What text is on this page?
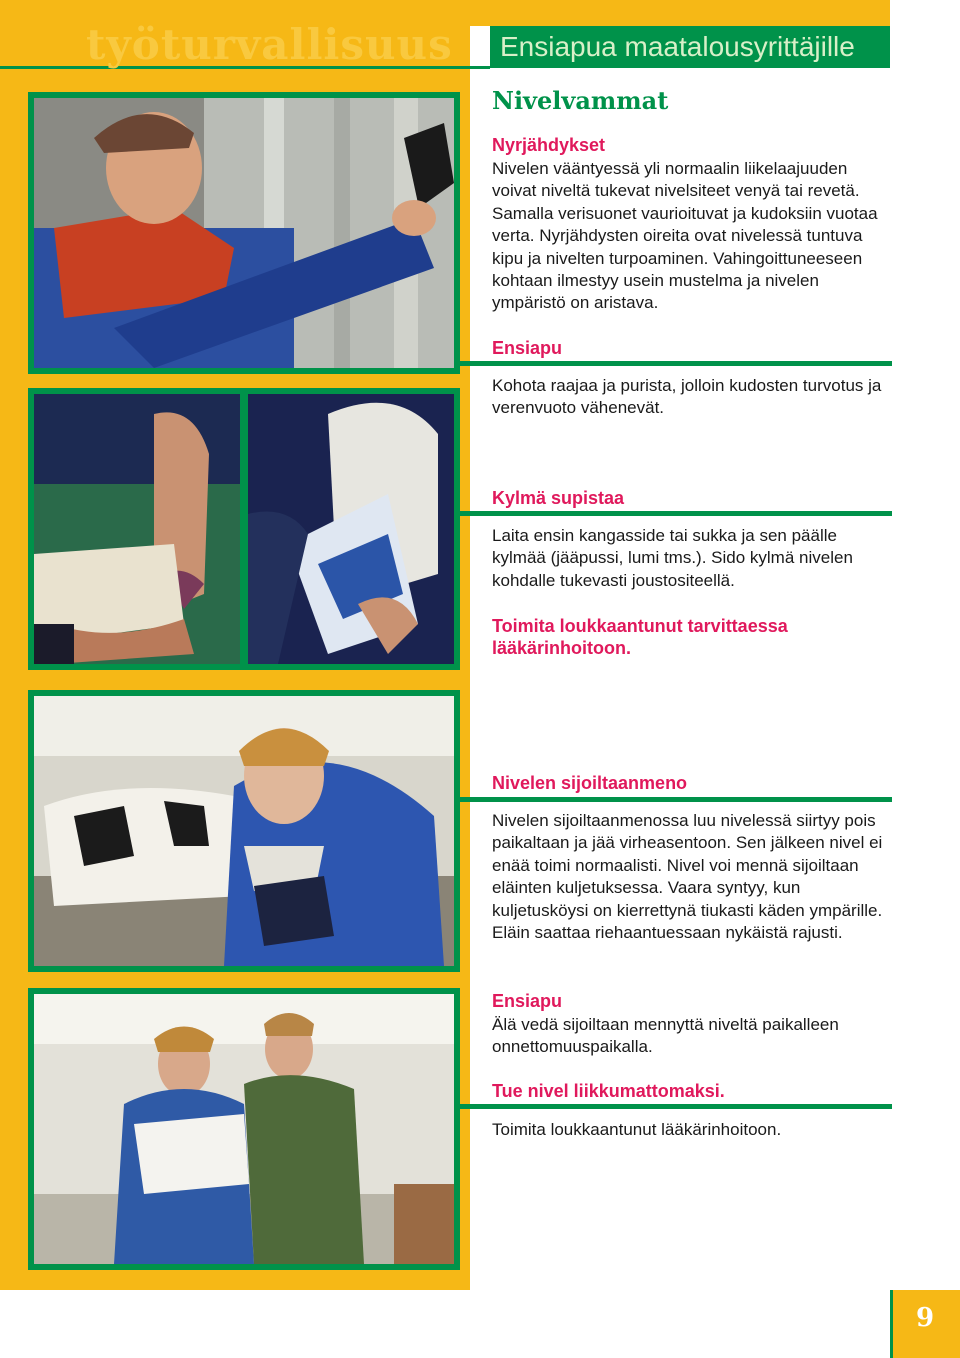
työturvallisuus Ensiapua maatalousyrittäjille
Nivelvammat
Nyrjähdykset

Nivelen vääntyessä yli normaalin liikelaajuuden voivat niveltä tukevat nivelsiteet venyä tai revetä. Samalla verisuonet vaurioituvat ja kudoksiin vuotaa verta. Nyrjähdysten oireita ovat nivelessä tuntuva kipu ja nivelten turpoaminen. Vahingoittuneeseen kohtaan ilmestyy usein mustelma ja nivelen ympäristö on aristava.

Ensiapu

Kohota raajaa ja purista, jolloin kudosten turvotus ja verenvuoto vähenevät.

Kylmä supistaa

Laita ensin kangasside tai sukka ja sen päälle kylmää (jääpussi, lumi tms.). Sido kylmä nivelen kohdalle tukevasti joustositeellä.

Toimita loukkaantunut tarvittaessa lääkärinhoitoon.
Nivelen sijoiltaanmeno

Nivelen sijoiltaanmenossa luu nivelessä siirtyy pois paikaltaan ja jää virheasentoon. Sen jälkeen nivel ei enää toimi normaalisti. Nivel voi mennä sijoiltaan eläinten kuljetuksessa. Vaara syntyy, kun kuljetusköysi on kierrettynä tiukasti käden ympärille. Eläin saattaa riehaantuessaan nykäistä rajusti.

Ensiapu

Älä vedä sijoiltaan mennyttä niveltä paikalleen onnettomuuspaikalla.

Tue nivel liikkumattomaksi.

Toimita loukkaantunut lääkärinhoitoon.

9
